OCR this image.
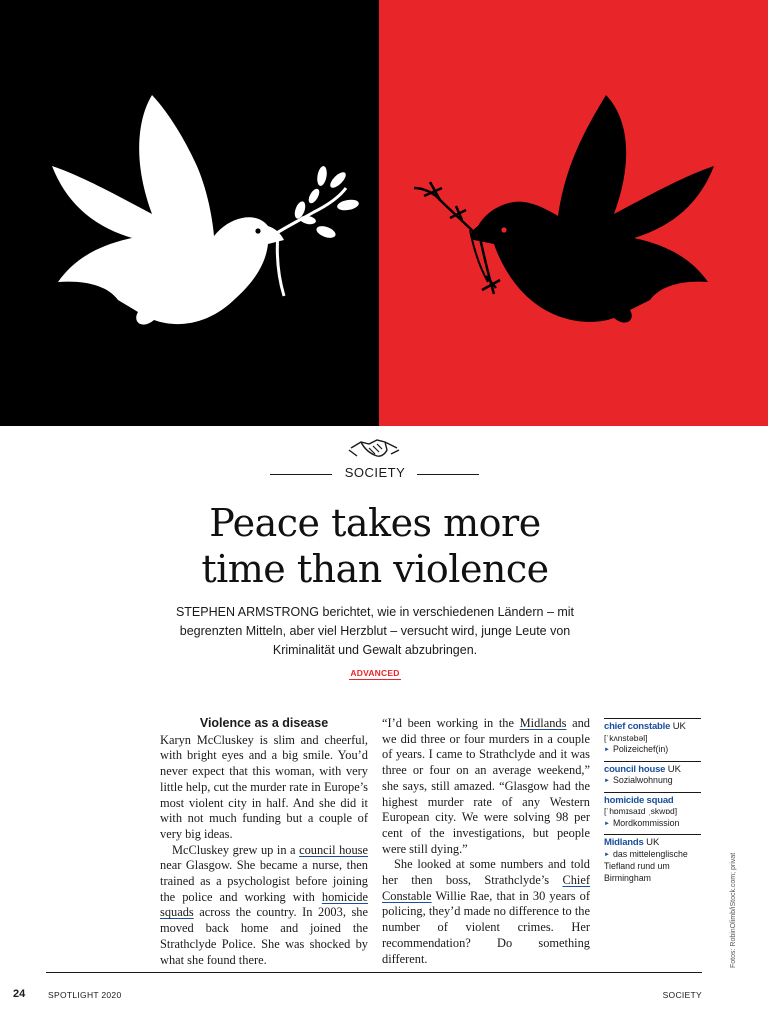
SOCIETY
Peace takes more
time than violence
STEPHEN ARMSTRONG berichtet, wie in verschiedenen Ländern – mit begrenzten Mitteln, aber viel Herzblut – versucht wird, junge Leute von Kriminalität und Gewalt abzubringen.
ADVANCED
Violence as a disease

Karyn McCluskey is slim and cheerful, with bright eyes and a big smile. You’d never expect that this woman, with very little help, cut the murder rate in Europe’s most violent city in half. And she did it with not much funding but a couple of very big ideas.

McCluskey grew up in a council house near Glasgow. She became a nurse, then trained as a psychologist before joining the police and working with homicide squads across the country. In 2003, she moved back home and joined the Strathclyde Police. She was shocked by what she found there.

“I’d been working in the Midlands and we did three or four murders in a couple of years. I came to Strathclyde and it was three or four on an average weekend,” she says, still amazed. “Glasgow had the highest murder rate of any Western European city. We were solving 98 per cent of the investigations, but people were still dying.”

She looked at some numbers and told her then boss, Strathclyde’s Chief Constable Willie Rae, that in 30 years of policing, they’d made no difference to the number of violent crimes. Her recommendation? Do something different.

chief constable UK
[ˈkʌnstəbəl]
► Polizeichef(in)
council house UK
► Sozialwohnung
homicide squad
[ˈhɒmɪsaɪd ˌskwɒd]
► Mordkommission
Midlands UK
► das mittelenglische Tiefland rund um Birmingham	Fotos: RobinOlimb/iStock.com; privat
24	SPOTLIGHT 2020	SOCIETY
